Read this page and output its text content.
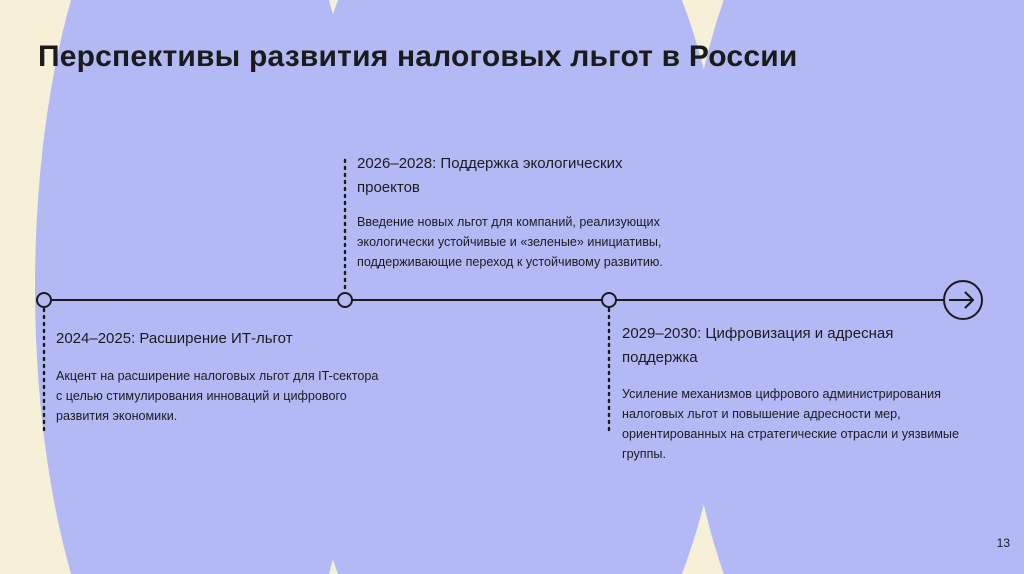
Перспективы развития налоговых льгот в России
2024–2025: Расширение ИТ-льгот
Акцент на расширение налоговых льгот для IT-сектора с целью стимулирования инноваций и цифрового развития экономики.
2026–2028: Поддержка экологических проектов
Введение новых льгот для компаний, реализующих экологически устойчивые и «зеленые» инициативы, поддерживающие переход к устойчивому развитию.
2029–2030: Цифровизация и адресная поддержка
Усиление механизмов цифрового администрирования налоговых льгот и повышение адресности мер, ориентированных на стратегические отрасли и уязвимые группы.
13
